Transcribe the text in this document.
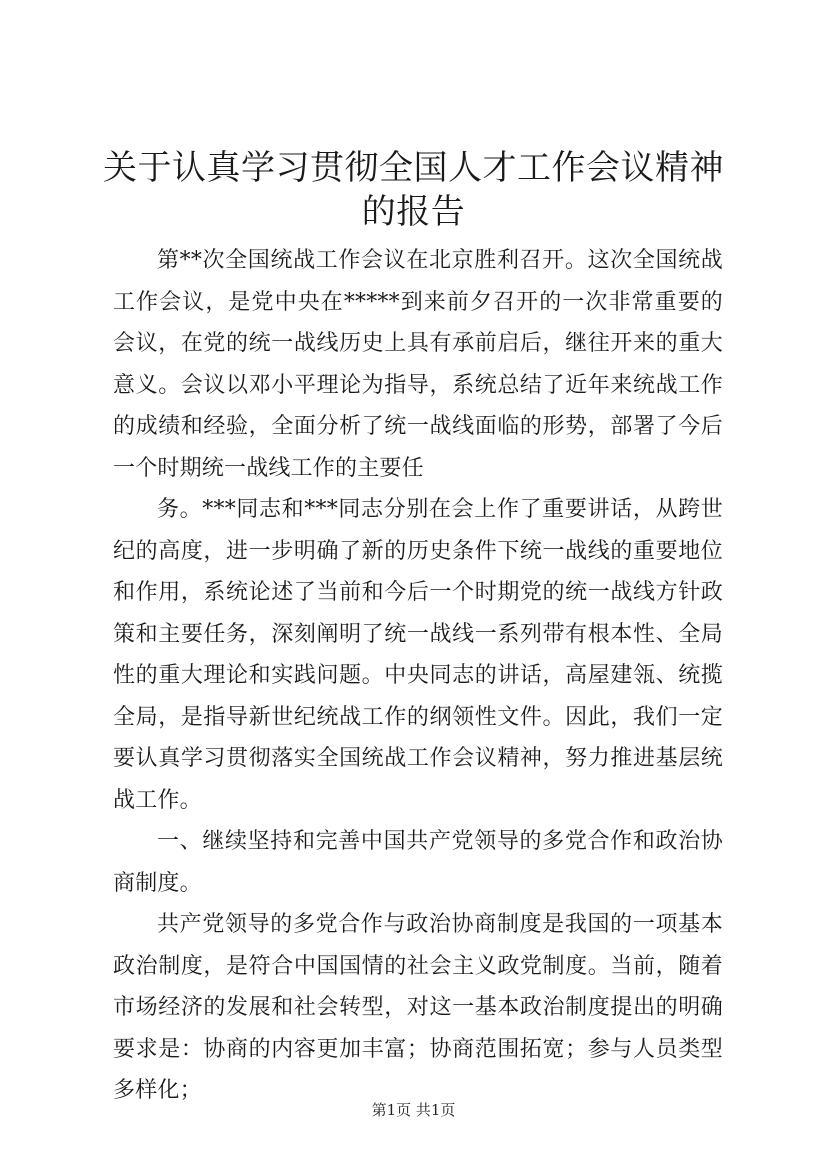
关于认真学习贯彻全国人才工作会议精神的报告

第**次全国统战工作会议在北京胜利召开。这次全国统战工作会议，是党中央在*****到来前夕召开的一次非常重要的会议，在党的统一战线历史上具有承前启后，继往开来的重大意义。会议以邓小平理论为指导，系统总结了近年来统战工作的成绩和经验，全面分析了统一战线面临的形势，部署了今后一个时期统一战线工作的主要任

务。***同志和***同志分别在会上作了重要讲话，从跨世纪的高度，进一步明确了新的历史条件下统一战线的重要地位和作用，系统论述了当前和今后一个时期党的统一战线方针政策和主要任务，深刻阐明了统一战线一系列带有根本性、全局性的重大理论和实践问题。中央同志的讲话，高屋建瓴、统揽全局，是指导新世纪统战工作的纲领性文件。因此，我们一定要认真学习贯彻落实全国统战工作会议精神，努力推进基层统战工作。

一、继续坚持和完善中国共产党领导的多党合作和政治协商制度。

共产党领导的多党合作与政治协商制度是我国的一项基本政治制度，是符合中国国情的社会主义政党制度。当前，随着市场经济的发展和社会转型，对这一基本政治制度提出的明确要求是：协商的内容更加丰富；协商范围拓宽；参与人员类型多样化；

第1页 共1页
